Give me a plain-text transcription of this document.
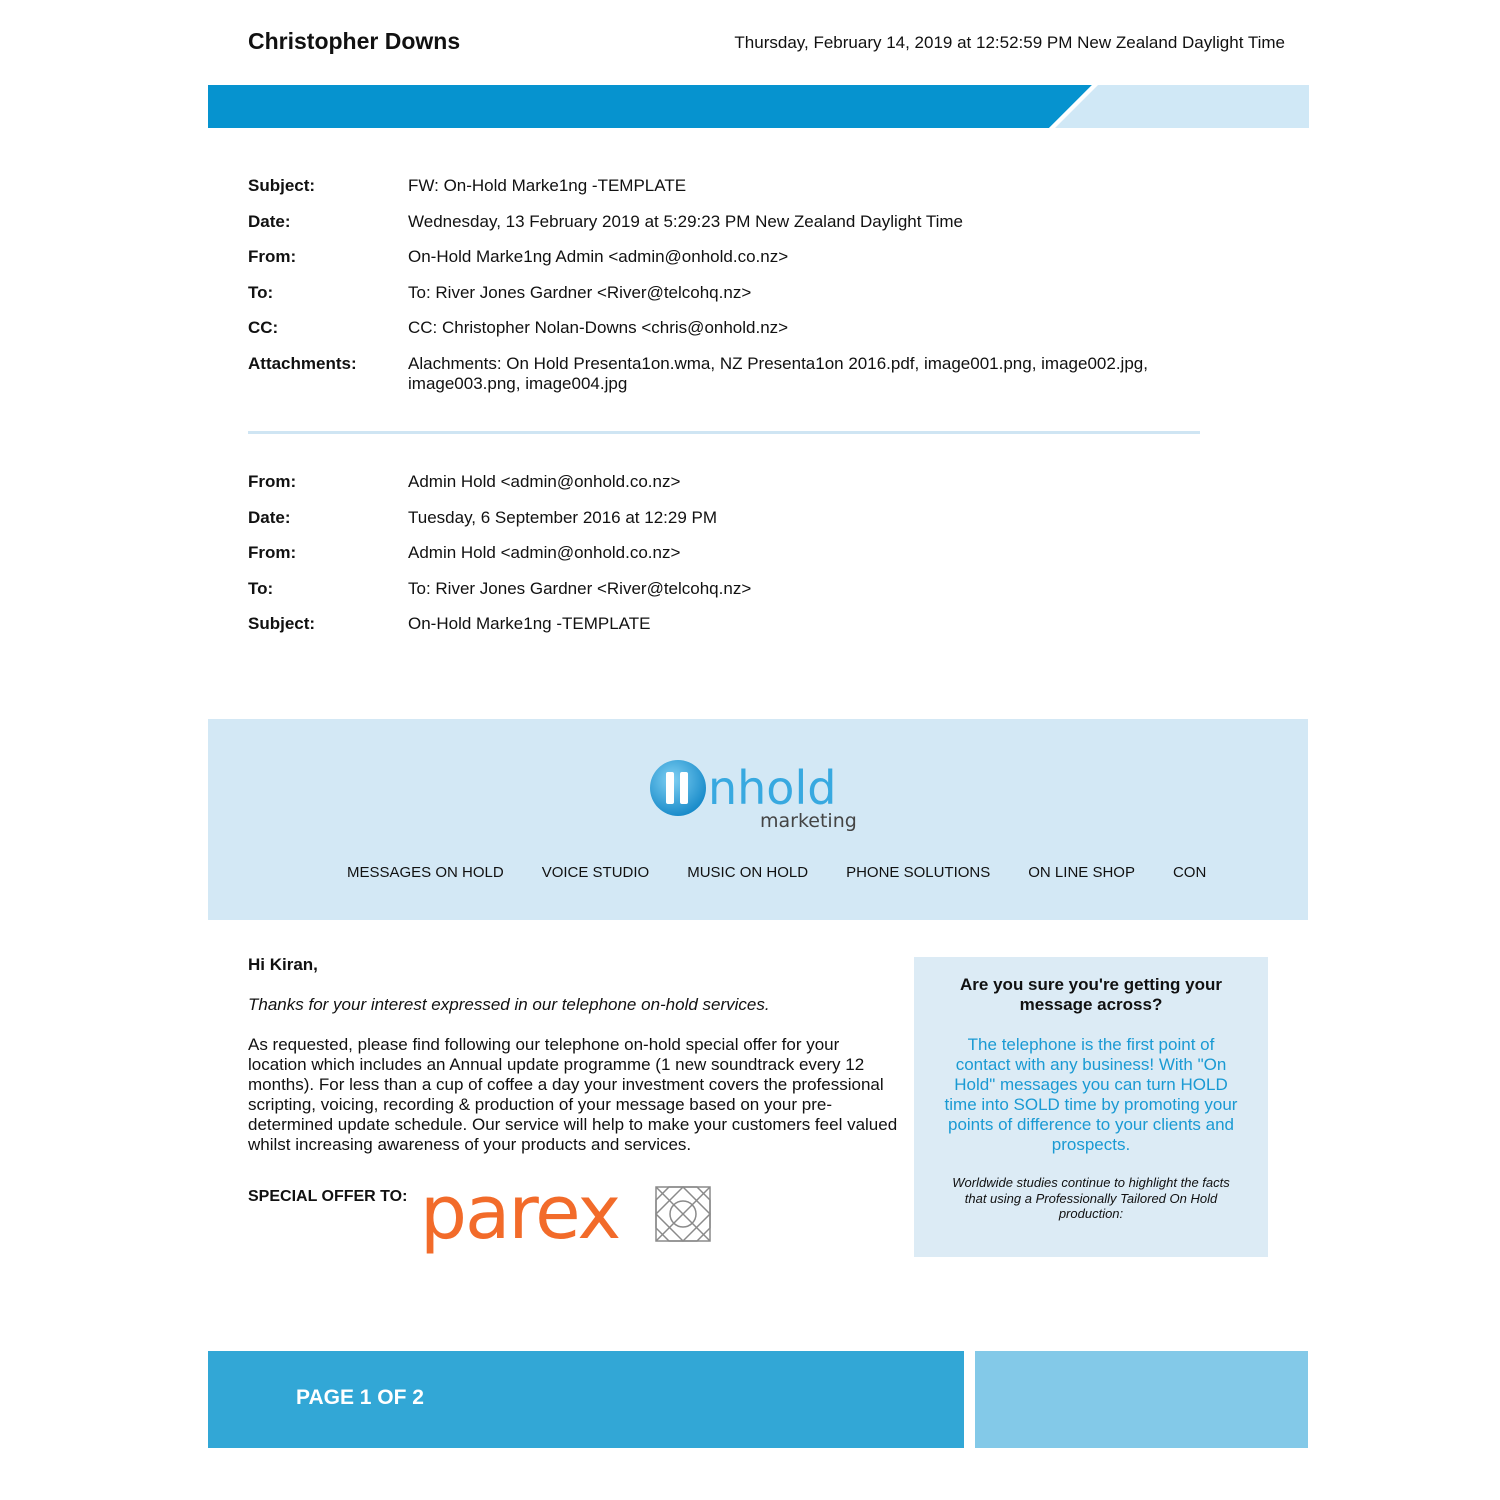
Christopher Downs	Thursday, February 14, 2019 at 12:52:59 PM New Zealand Daylight Time
Subject:	FW: On-Hold Marke1ng -TEMPLATE
Date:	Wednesday, 13 February 2019 at 5:29:23 PM New Zealand Daylight Time
From:	On-Hold Marke1ng Admin <admin@onhold.co.nz>
To:	To: River Jones Gardner <River@telcohq.nz>
CC:	CC: Christopher Nolan-Downs <chris@onhold.nz>
Attachments:	Alachments: On Hold Presenta1on.wma, NZ Presenta1on 2016.pdf, image001.png, image002.jpg, image003.png, image004.jpg
From:	Admin Hold <admin@onhold.co.nz>
Date:	Tuesday, 6 September 2016 at 12:29 PM
From:	Admin Hold <admin@onhold.co.nz>
To:	To: River Jones Gardner <River@telcohq.nz>
Subject:	On-Hold Marke1ng -TEMPLATE
nhold
marketing
MESSAGES ON HOLD	VOICE STUDIO	MUSIC ON HOLD	PHONE SOLUTIONS	ON LINE SHOP	CON
Hi Kiran,
Thanks for your interest expressed in our telephone on-hold services.
As requested, please find following our telephone on-hold special offer for your location which includes an Annual update programme (1 new soundtrack every 12 months). For less than a cup of coffee a day your investment covers the professional scripting, voicing, recording & production of your message based on your pre-determined update schedule. Our service will help to make your customers feel valued whilst increasing awareness of your products and services.
SPECIAL OFFER TO: parex
Are you sure you're getting your message across?
The telephone is the first point of contact with any business! With "On Hold" messages you can turn HOLD time into SOLD time by promoting your points of difference to your clients and prospects.
Worldwide studies continue to highlight the facts that using a Professionally Tailored On Hold production:
PAGE 1 OF 2
